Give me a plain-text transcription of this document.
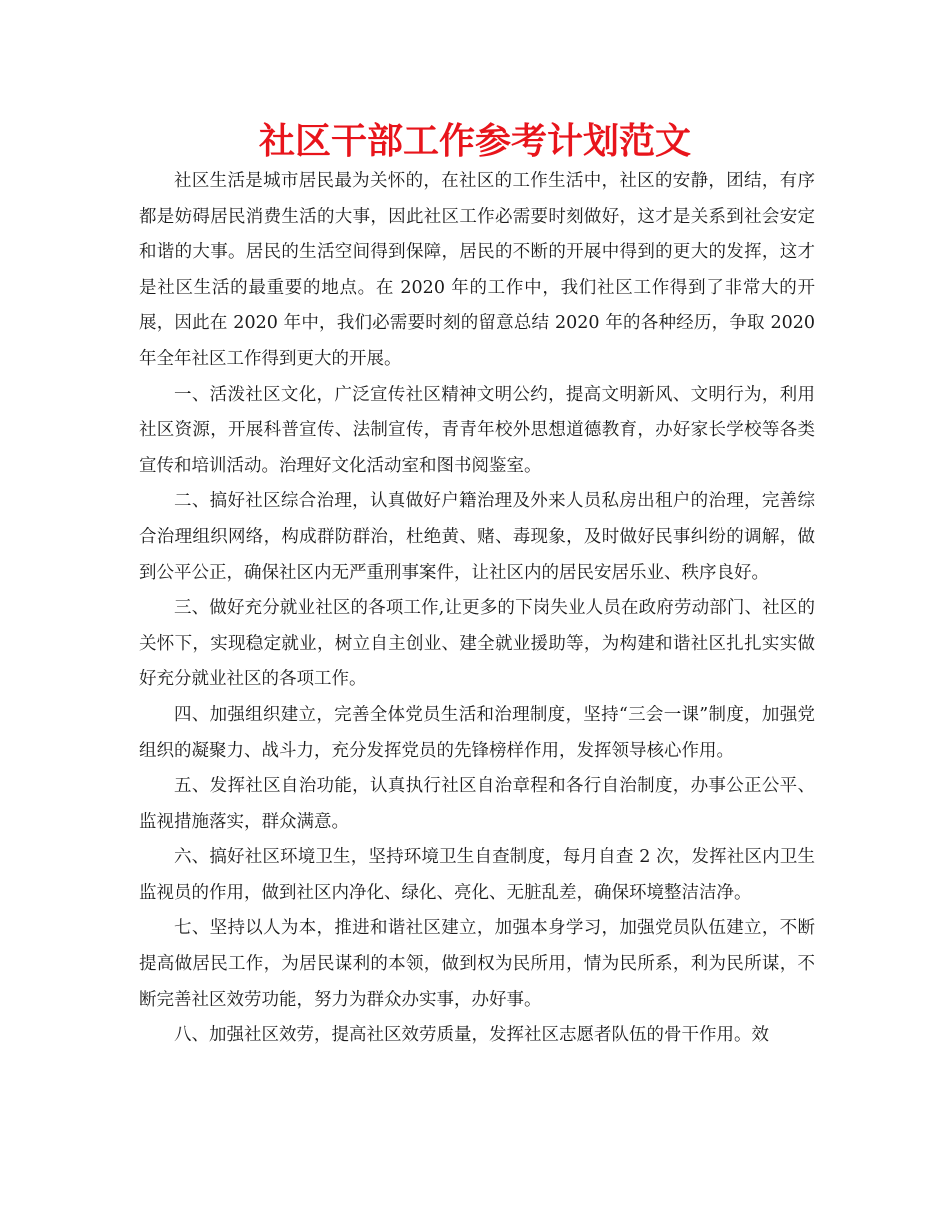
社区干部工作参考计划范文

社区生活是城市居民最为关怀的，在社区的工作生活中，社区的安静，团结，有序都是妨碍居民消费生活的大事，因此社区工作必需要时刻做好，这才是关系到社会安定和谐的大事。居民的生活空间得到保障，居民的不断的开展中得到的更大的发挥，这才是社区生活的最重要的地点。在 2020 年的工作中，我们社区工作得到了非常大的开展，因此在 2020 年中，我们必需要时刻的留意总结 2020 年的各种经历，争取 2020 年全年社区工作得到更大的开展。

一、活泼社区文化，广泛宣传社区精神文明公约，提高文明新风、文明行为，利用社区资源，开展科普宣传、法制宣传，青青年校外思想道德教育，办好家长学校等各类宣传和培训活动。治理好文化活动室和图书阅鉴室。

二、搞好社区综合治理，认真做好户籍治理及外来人员私房出租户的治理，完善综合治理组织网络，构成群防群治，杜绝黄、赌、毒现象，及时做好民事纠纷的调解，做到公平公正，确保社区内无严重刑事案件，让社区内的居民安居乐业、秩序良好。

三、做好充分就业社区的各项工作,让更多的下岗失业人员在政府劳动部门、社区的关怀下，实现稳定就业，树立自主创业、建全就业援助等，为构建和谐社区扎扎实实做好充分就业社区的各项工作。

四、加强组织建立，完善全体党员生活和治理制度，坚持“三会一课”制度，加强党组织的凝聚力、战斗力，充分发挥党员的先锋榜样作用，发挥领导核心作用。

五、发挥社区自治功能，认真执行社区自治章程和各行自治制度，办事公正公平、监视措施落实，群众满意。

六、搞好社区环境卫生，坚持环境卫生自查制度，每月自查 2 次，发挥社区内卫生监视员的作用，做到社区内净化、绿化、亮化、无脏乱差，确保环境整洁洁净。

七、坚持以人为本，推进和谐社区建立，加强本身学习，加强党员队伍建立，不断提高做居民工作，为居民谋利的本领，做到权为民所用，情为民所系，利为民所谋，不断完善社区效劳功能，努力为群众办实事，办好事。

八、加强社区效劳，提高社区效劳质量，发挥社区志愿者队伍的骨干作用。效
